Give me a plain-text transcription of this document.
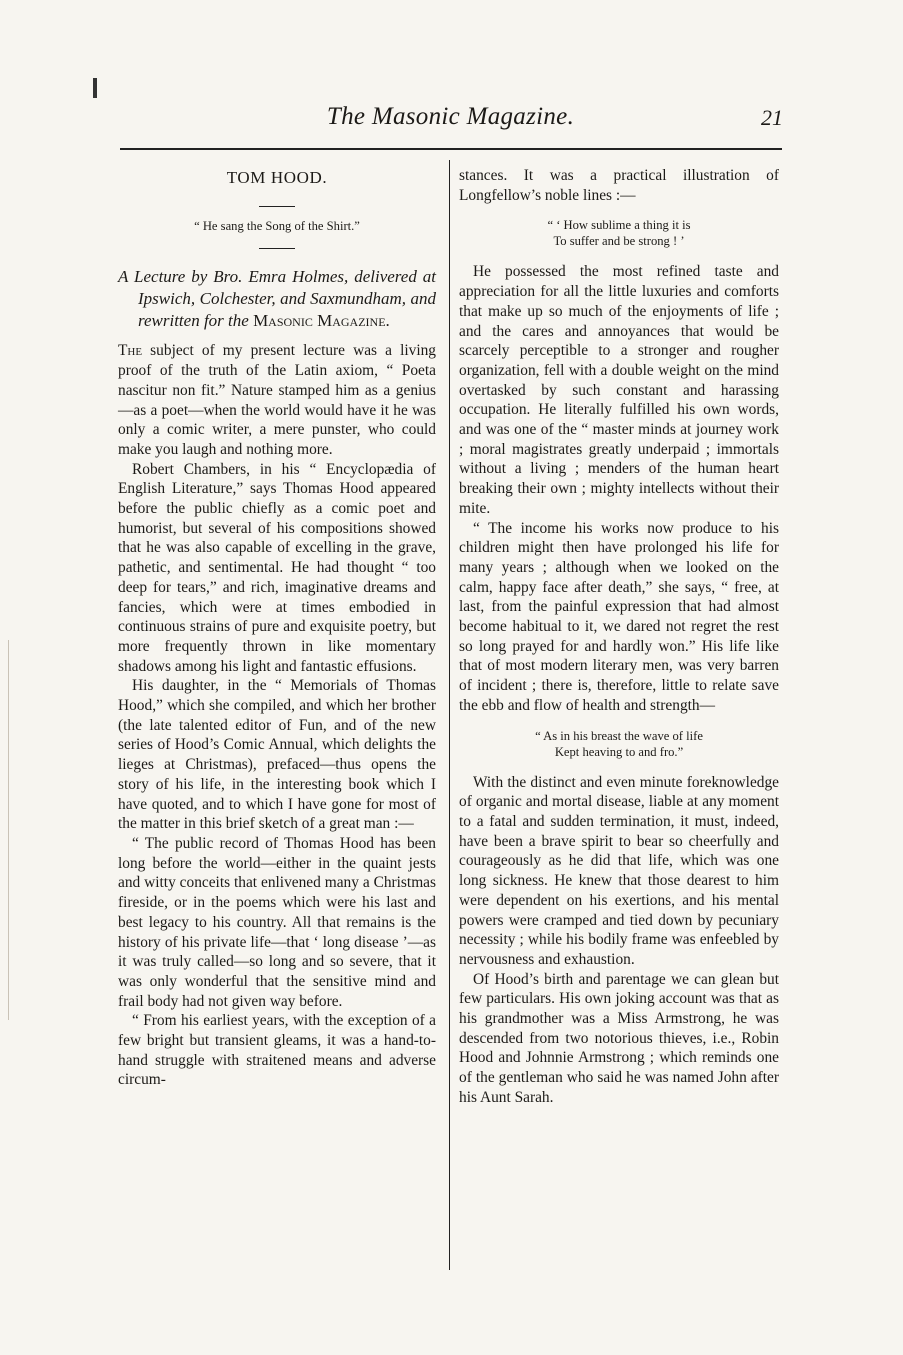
The Masonic Magazine.	21
TOM HOOD.
“ He sang the Song of the Shirt.”
A Lecture by Bro. Emra Holmes, delivered at Ipswich, Colchester, and Saxmundham, and rewritten for the Masonic Magazine.

The subject of my present lecture was a living proof of the truth of the Latin axiom, “ Poeta nascitur non fit.” Nature stamped him as a genius—as a poet—when the world would have it he was only a comic writer, a mere punster, who could make you laugh and nothing more.

Robert Chambers, in his “ Encyclopædia of English Literature,” says Thomas Hood appeared before the public chiefly as a comic poet and humorist, but several of his compositions showed that he was also capable of excelling in the grave, pathetic, and sentimental. He had thought “ too deep for tears,” and rich, imaginative dreams and fancies, which were at times embodied in continuous strains of pure and exquisite poetry, but more frequently thrown in like momentary shadows among his light and fantastic effusions.

His daughter, in the “ Memorials of Thomas Hood,” which she compiled, and which her brother (the late talented editor of Fun, and of the new series of Hood’s Comic Annual, which delights the lieges at Christmas), prefaced—thus opens the story of his life, in the interesting book which I have quoted, and to which I have gone for most of the matter in this brief sketch of a great man :—

“ The public record of Thomas Hood has been long before the world—either in the quaint jests and witty conceits that enlivened many a Christmas fireside, or in the poems which were his last and best legacy to his country. All that remains is the history of his private life—that ‘ long disease ’—as it was truly called—so long and so severe, that it was only wonderful that the sensitive mind and frail body had not given way before.

“ From his earliest years, with the exception of a few bright but transient gleams, it was a hand-to-hand struggle with straitened means and adverse circum-

stances. It was a practical illustration of Longfellow’s noble lines :—

“ ‘ How sublime a thing it is
To suffer and be strong ! ’

He possessed the most refined taste and appreciation for all the little luxuries and comforts that make up so much of the enjoyments of life ; and the cares and annoyances that would be scarcely perceptible to a stronger and rougher organization, fell with a double weight on the mind overtasked by such constant and harassing occupation. He literally fulfilled his own words, and was one of the “ master minds at journey work ; moral magistrates greatly underpaid ; immortals without a living ; menders of the human heart breaking their own ; mighty intellects without their mite.

“ The income his works now produce to his children might then have prolonged his life for many years ; although when we looked on the calm, happy face after death,” she says, “ free, at last, from the painful expression that had almost become habitual to it, we dared not regret the rest so long prayed for and hardly won.” His life like that of most modern literary men, was very barren of incident ; there is, therefore, little to relate save the ebb and flow of health and strength—

“ As in his breast the wave of life
Kept heaving to and fro.”

With the distinct and even minute foreknowledge of organic and mortal disease, liable at any moment to a fatal and sudden termination, it must, indeed, have been a brave spirit to bear so cheerfully and courageously as he did that life, which was one long sickness. He knew that those dearest to him were dependent on his exertions, and his mental powers were cramped and tied down by pecuniary necessity ; while his bodily frame was enfeebled by nervousness and exhaustion.

Of Hood’s birth and parentage we can glean but few particulars. His own joking account was that as his grandmother was a Miss Armstrong, he was descended from two notorious thieves, i.e., Robin Hood and Johnnie Armstrong ; which reminds one of the gentleman who said he was named John after his Aunt Sarah.
